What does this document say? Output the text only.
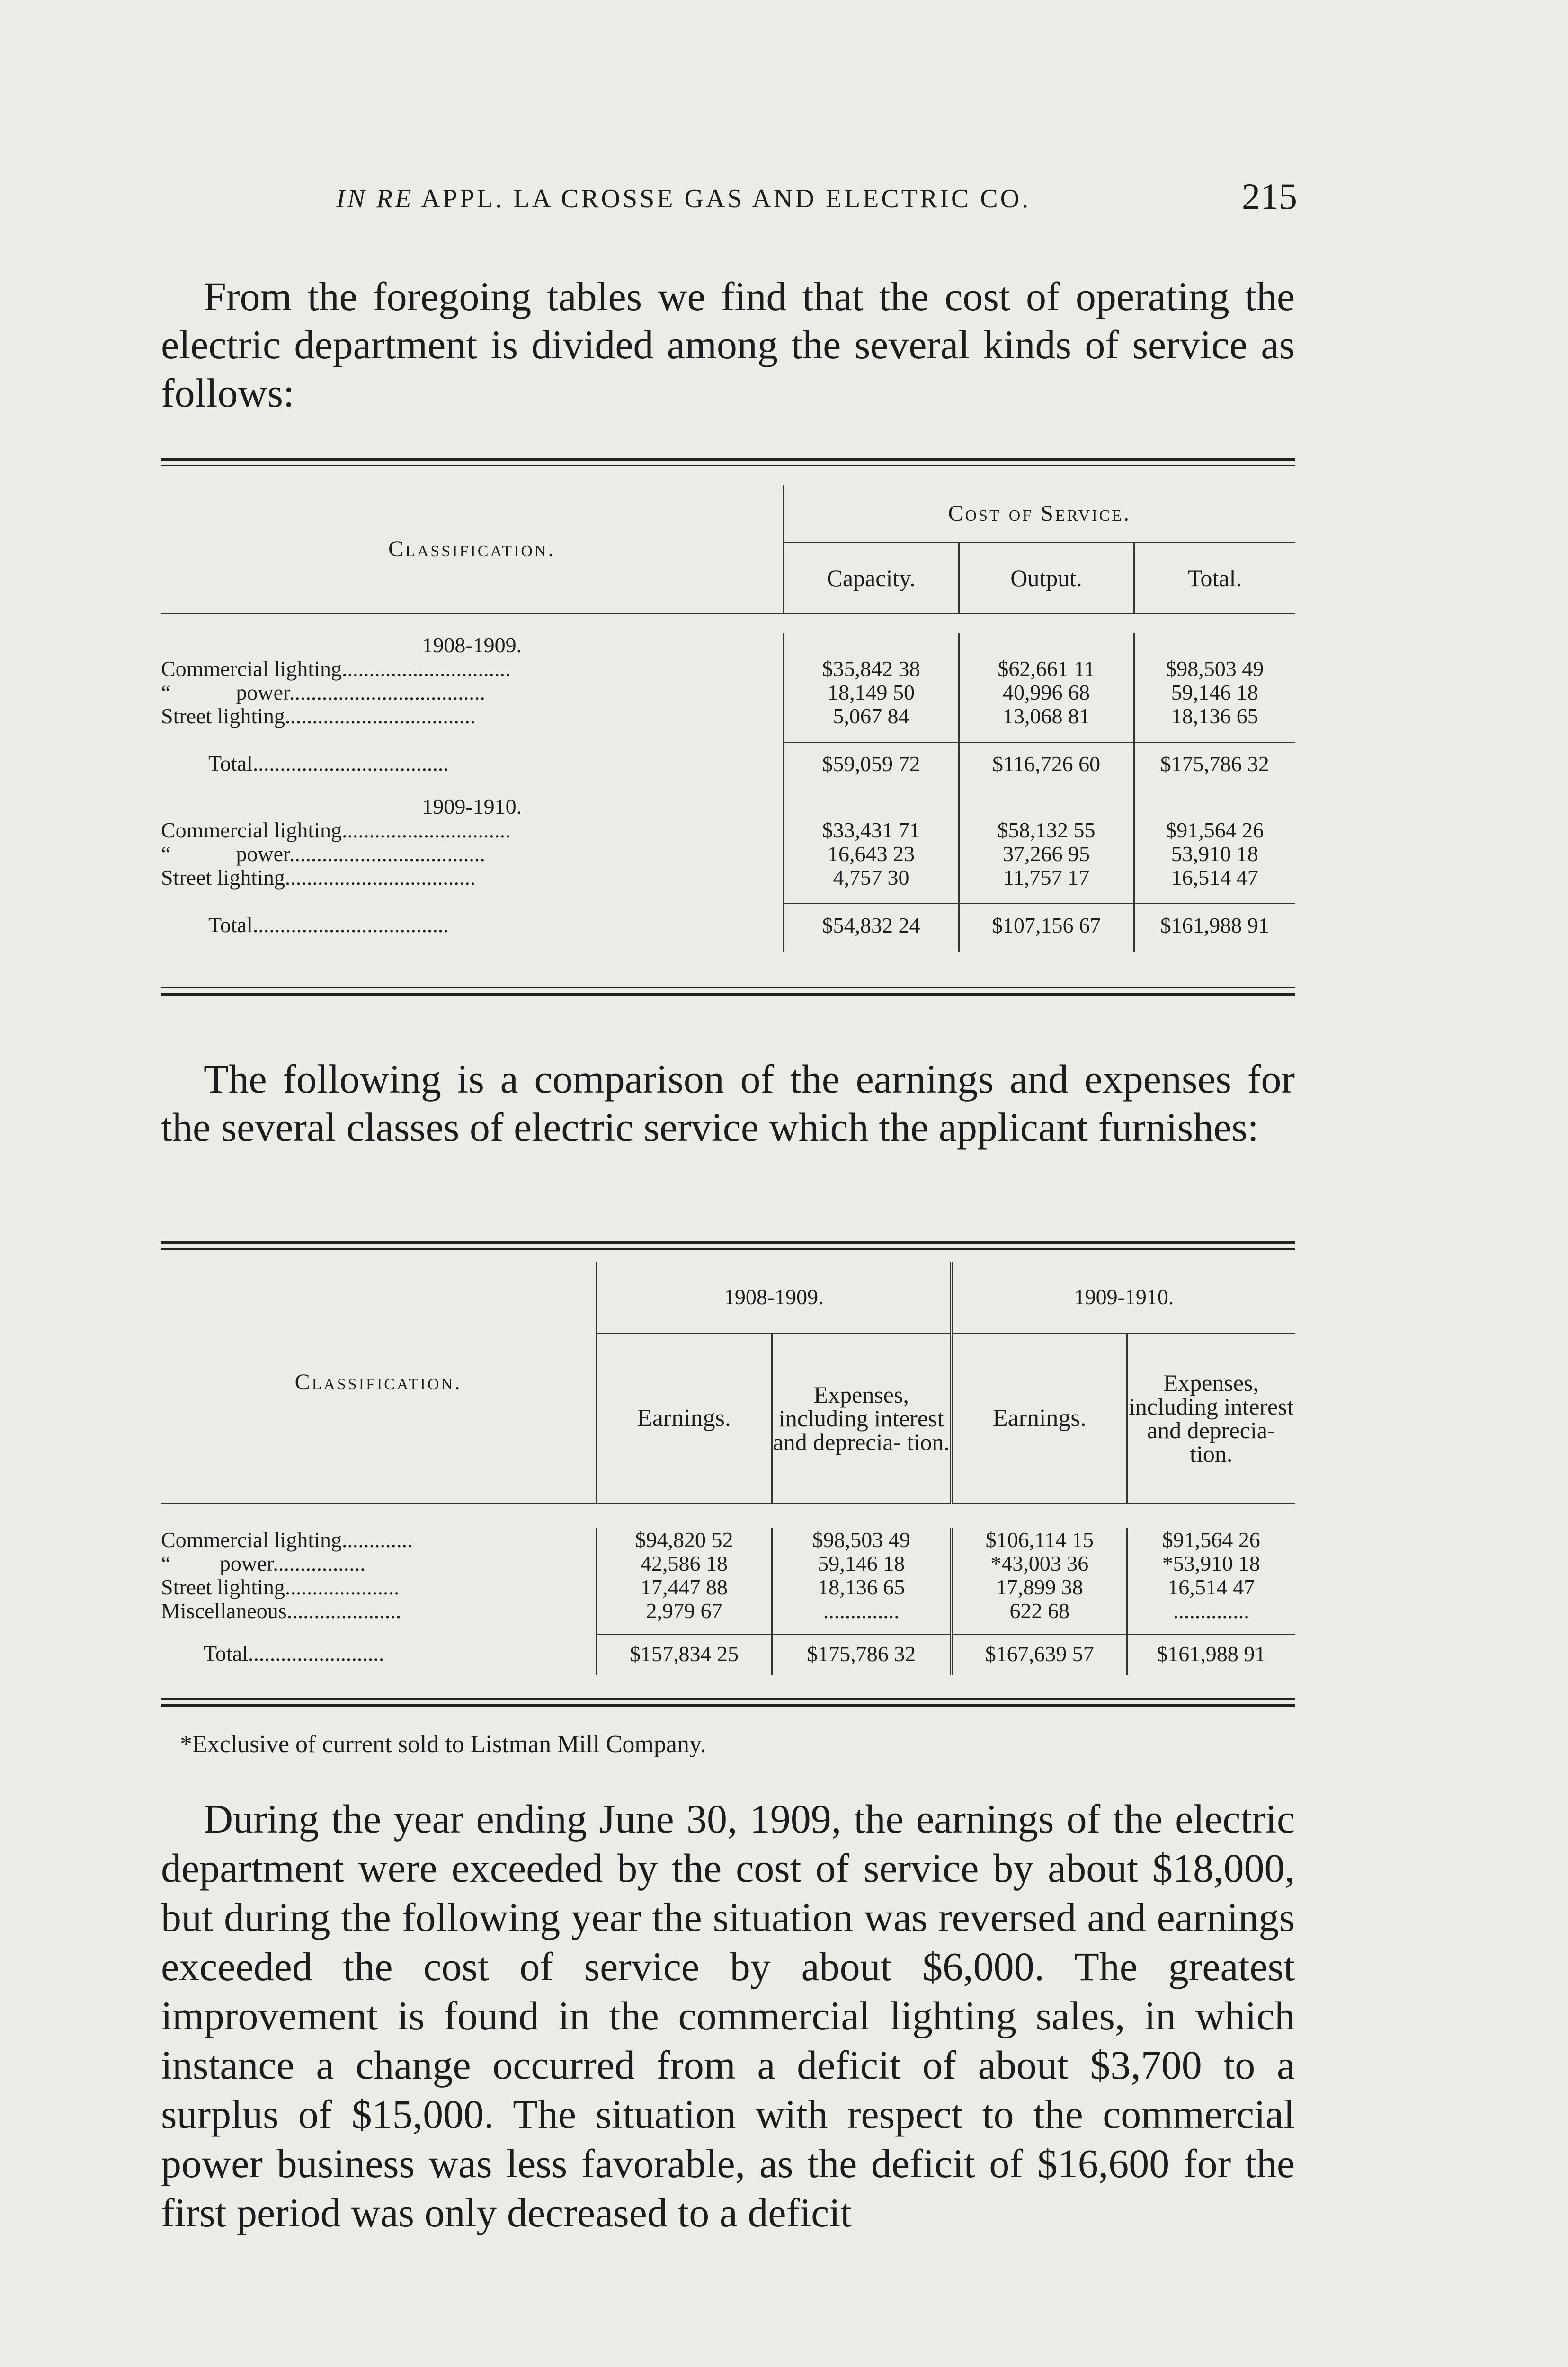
IN RE APPL. LA CROSSE GAS AND ELECTRIC CO.	215

From the foregoing tables we find that the cost of operating the electric department is divided among the several kinds of service as follows:

Classification.	Cost of Service.		
	Capacity.	Output.	Total.

1908-1909.			
Commercial lighting...............................	$35,842 38	$62,661 11	$98,503 49
“            power....................................	18,149 50	40,996 68	59,146 18
Street lighting...................................	5,067 84	13,068 81	18,136 65

Total....................................	$59,059 72	$116,726 60	$175,786 32

1909-1910.			
Commercial lighting...............................	$33,431 71	$58,132 55	$91,564 26
“            power....................................	16,643 23	37,266 95	53,910 18
Street lighting...................................	4,757 30	11,757 17	16,514 47

Total....................................	$54,832 24	$107,156 67	$161,988 91

The following is a comparison of the earnings and expenses for the several classes of electric service which the applicant furnishes:

Classification.	1908-1909.		1909-1910.	
	Earnings.	Expenses, including interest and deprecia- tion.	Earnings.	Expenses, including interest and deprecia- tion.

Commercial lighting.............	$94,820 52	$98,503 49	$106,114 15	$91,564 26
“         power.................	42,586 18	59,146 18	*43,003 36	*53,910 18
Street lighting.....................	17,447 88	18,136 65	17,899 38	16,514 47
Miscellaneous.....................	2,979 67	..............	622 68	..............

Total.........................	$157,834 25	$175,786 32	$167,639 57	$161,988 91

*Exclusive of current sold to Listman Mill Company.

During the year ending June 30, 1909, the earnings of the electric department were exceeded by the cost of service by about $18,000, but during the following year the situation was reversed and earnings exceeded the cost of service by about $6,000. The greatest improvement is found in the commercial lighting sales, in which instance a change occurred from a deficit of about $3,700 to a surplus of $15,000. The situation with respect to the commercial power business was less favorable, as the deficit of $16,600 for the first period was only decreased to a deficit
